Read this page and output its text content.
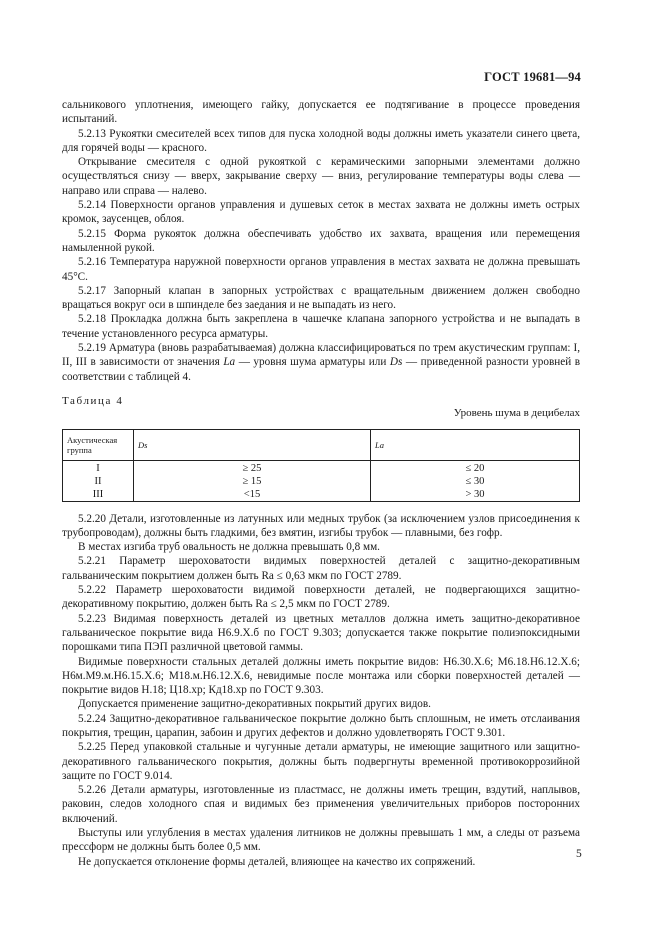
ГОСТ 19681—94

сальникового уплотнения, имеющего гайку, допускается ее подтягивание в процессе проведения испытаний.

5.2.13 Рукоятки смесителей всех типов для пуска холодной воды должны иметь указатели синего цвета, для горячей воды — красного.

Открывание смесителя с одной рукояткой с керамическими запорными элементами должно осуществляться снизу — вверх, закрывание сверху — вниз, регулирование температуры воды слева — направо или справа — налево.

5.2.14 Поверхности органов управления и душевых сеток в местах захвата не должны иметь острых кромок, заусенцев, облоя.

5.2.15 Форма рукояток должна обеспечивать удобство их захвата, вращения или перемещения намыленной рукой.

5.2.16 Температура наружной поверхности органов управления в местах захвата не должна превышать 45°С.

5.2.17 Запорный клапан в запорных устройствах с вращательным движением должен свободно вращаться вокруг оси в шпинделе без заедания и не выпадать из него.

5.2.18 Прокладка должна быть закреплена в чашечке клапана запорного устройства и не выпадать в течение установленного ресурса арматуры.

5.2.19 Арматура (вновь разрабатываемая) должна классифицироваться по трем акустическим группам: I, II, III в зависимости от значения La — уровня шума арматуры или Ds — приведенной разности уровней в соответствии с таблицей 4.

Таблица 4
Уровень шума в децибелах
Акустическая группа	Ds	La
I	≥ 25	≤ 20
II	≥ 15	≤ 30
III	<15	> 30

5.2.20 Детали, изготовленные из латунных или медных трубок (за исключением узлов присоединения к трубопроводам), должны быть гладкими, без вмятин, изгибы трубок — плавными, без гофр.

В местах изгиба труб овальность не должна превышать 0,8 мм.

5.2.21 Параметр шероховатости видимых поверхностей деталей с защитно-декоративным гальваническим покрытием должен быть Ra ≤ 0,63 мкм по ГОСТ 2789.

5.2.22 Параметр шероховатости видимой поверхности деталей, не подвергающихся защитно-декоративному покрытию, должен быть Ra ≤ 2,5 мкм по ГОСТ 2789.

5.2.23 Видимая поверхность деталей из цветных металлов должна иметь защитно-декоративное гальваническое покрытие вида Н6.9.Х.б по ГОСТ 9.303; допускается также покрытие полиэпоксидными порошками типа ПЭП различной цветовой гаммы.

Видимые поверхности стальных деталей должны иметь покрытие видов: Н6.30.Х.6; М6.18.Н6.12.Х.6; Н6м.М9.м.Н6.15.Х.6; М18.м.Н6.12.Х.6, невидимые после монтажа или сборки поверхностей деталей — покрытие видов Н.18; Ц18.хр; Кд18.хр по ГОСТ 9.303.

Допускается применение защитно-декоративных покрытий других видов.

5.2.24 Защитно-декоративное гальваническое покрытие должно быть сплошным, не иметь отслаивания покрытия, трещин, царапин, забоин и других дефектов и должно удовлетворять ГОСТ 9.301.

5.2.25 Перед упаковкой стальные и чугунные детали арматуры, не имеющие защитного или защитно-декоративного гальванического покрытия, должны быть подвергнуты временной противокоррозийной защите по ГОСТ 9.014.

5.2.26 Детали арматуры, изготовленные из пластмасс, не должны иметь трещин, вздутий, наплывов, раковин, следов холодного спая и видимых без применения увеличительных приборов посторонних включений.

Выступы или углубления в местах удаления литников не должны превышать 1 мм, а следы от разъема прессформ не должны быть более 0,5 мм.

Не допускается отклонение формы деталей, влияющее на качество их сопряжений.

5
